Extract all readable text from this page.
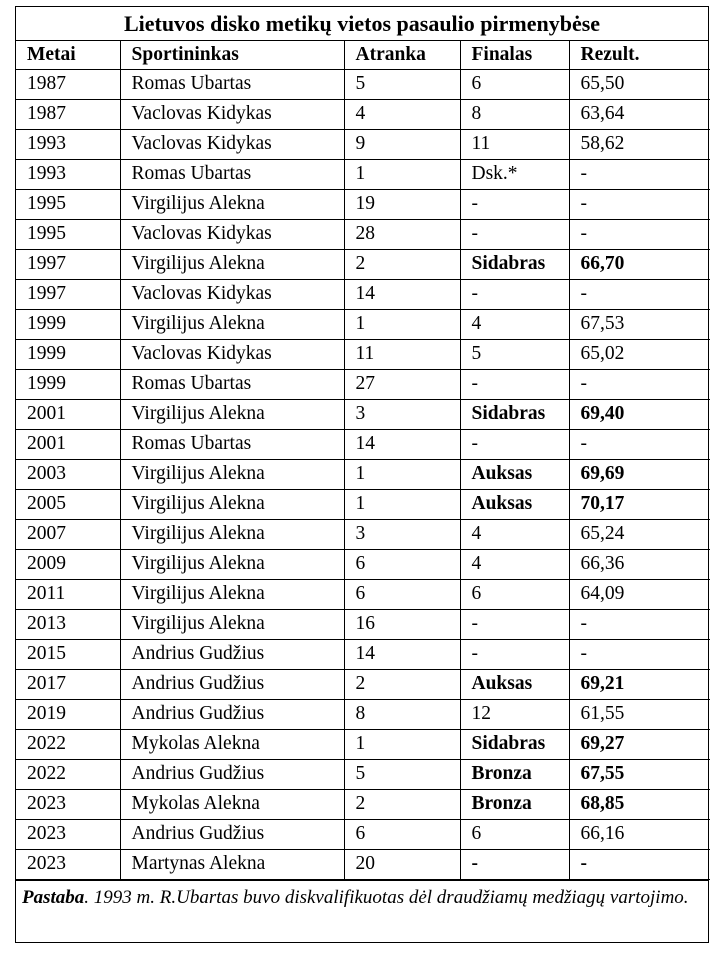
Lietuvos disko metikų vietos pasaulio pirmenybėse
Metai	Sportininkas	Atranka	Finalas	Rezult.
1987	Romas Ubartas	5	6	65,50
1987	Vaclovas Kidykas	4	8	63,64
1993	Vaclovas Kidykas	9	11	58,62
1993	Romas Ubartas	1	Dsk.*	-
1995	Virgilijus Alekna	19	-	-
1995	Vaclovas Kidykas	28	-	-
1997	Virgilijus Alekna	2	Sidabras	66,70
1997	Vaclovas Kidykas	14	-	-
1999	Virgilijus Alekna	1	4	67,53
1999	Vaclovas Kidykas	11	5	65,02
1999	Romas Ubartas	27	-	-
2001	Virgilijus Alekna	3	Sidabras	69,40
2001	Romas Ubartas	14	-	-
2003	Virgilijus Alekna	1	Auksas	69,69
2005	Virgilijus Alekna	1	Auksas	70,17
2007	Virgilijus Alekna	3	4	65,24
2009	Virgilijus Alekna	6	4	66,36
2011	Virgilijus Alekna	6	6	64,09
2013	Virgilijus Alekna	16	-	-
2015	Andrius Gudžius	14	-	-
2017	Andrius Gudžius	2	Auksas	69,21
2019	Andrius Gudžius	8	12	61,55
2022	Mykolas Alekna	1	Sidabras	69,27
2022	Andrius Gudžius	5	Bronza	67,55
2023	Mykolas Alekna	2	Bronza	68,85
2023	Andrius Gudžius	6	6	66,16
2023	Martynas Alekna	20	-	-
Pastaba. 1993 m. R.Ubartas buvo diskvalifikuotas dėl draudžiamų medžiagų vartojimo.
